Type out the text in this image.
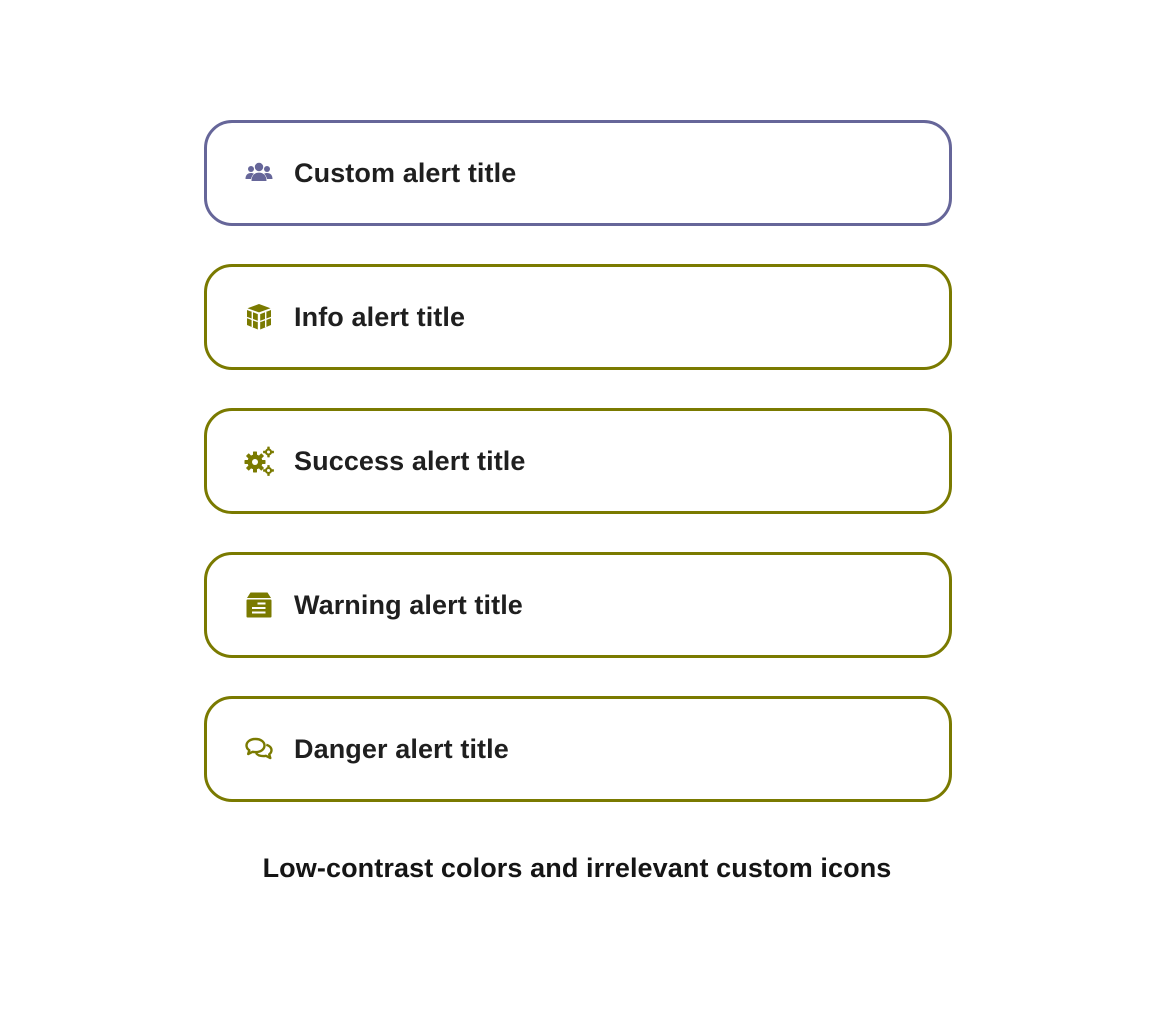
Custom alert title
Info alert title
Success alert title
Warning alert title
Danger alert title
Low-contrast colors and irrelevant custom icons
